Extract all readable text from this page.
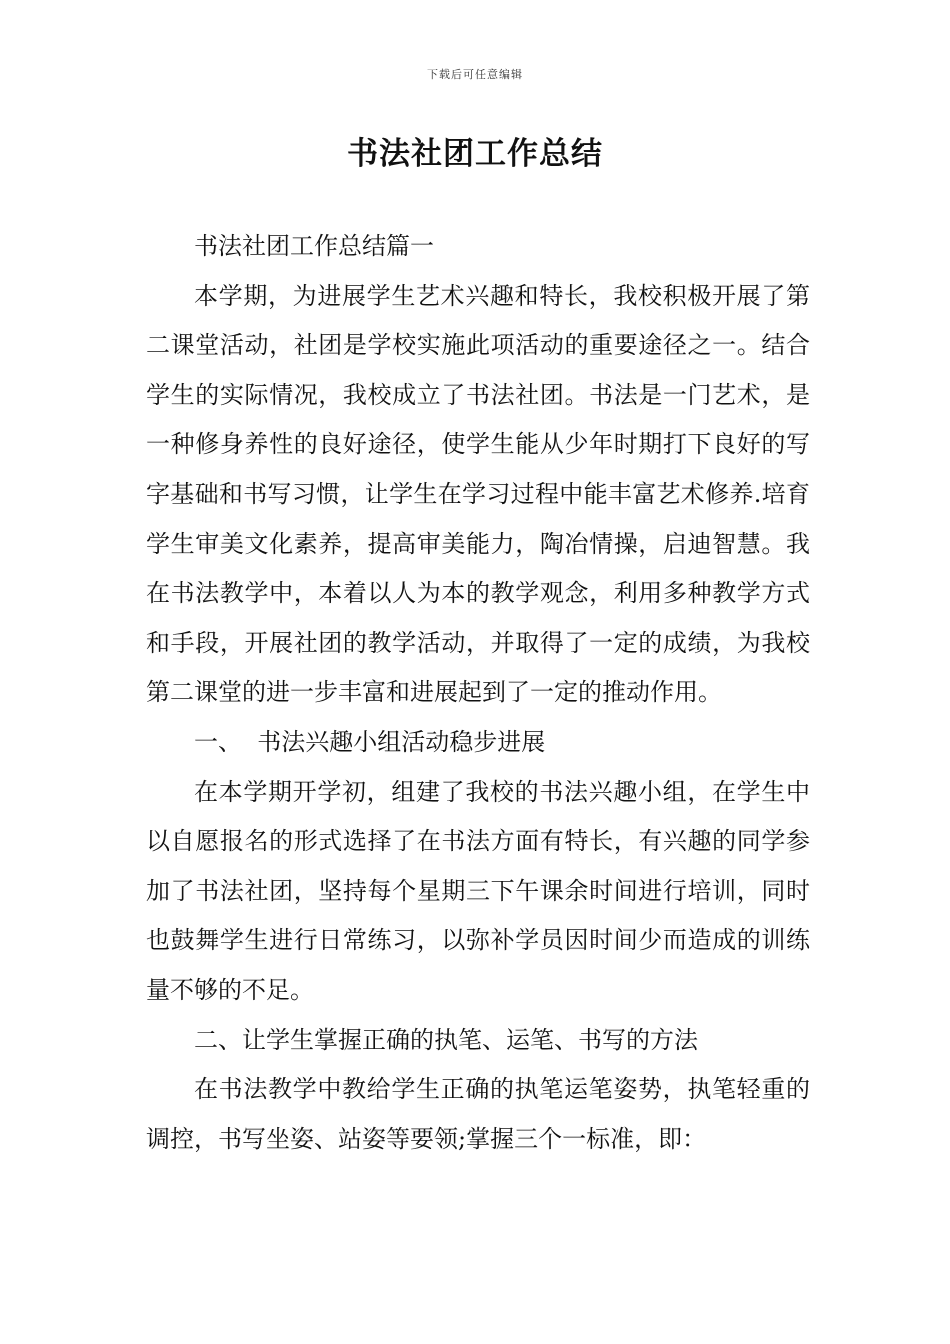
下载后可任意编辑
书法社团工作总结

书法社团工作总结篇一

本学期，为进展学生艺术兴趣和特长，我校积极开展了第二课堂活动，社团是学校实施此项活动的重要途径之一。结合学生的实际情况，我校成立了书法社团。书法是一门艺术，是一种修身养性的良好途径，使学生能从少年时期打下良好的写字基础和书写习惯，让学生在学习过程中能丰富艺术修养.培育学生审美文化素养，提高审美能力，陶冶情操，启迪智慧。我在书法教学中，本着以人为本的教学观念，利用多种教学方式和手段，开展社团的教学活动，并取得了一定的成绩，为我校第二课堂的进一步丰富和进展起到了一定的推动作用。

一、  书法兴趣小组活动稳步进展

在本学期开学初，组建了我校的书法兴趣小组，在学生中以自愿报名的形式选择了在书法方面有特长，有兴趣的同学参加了书法社团，坚持每个星期三下午课余时间进行培训，同时也鼓舞学生进行日常练习，以弥补学员因时间少而造成的训练量不够的不足。

二、让学生掌握正确的执笔、运笔、书写的方法

在书法教学中教给学生正确的执笔运笔姿势，执笔轻重的调控，书写坐姿、站姿等要领;掌握三个一标准，即：
